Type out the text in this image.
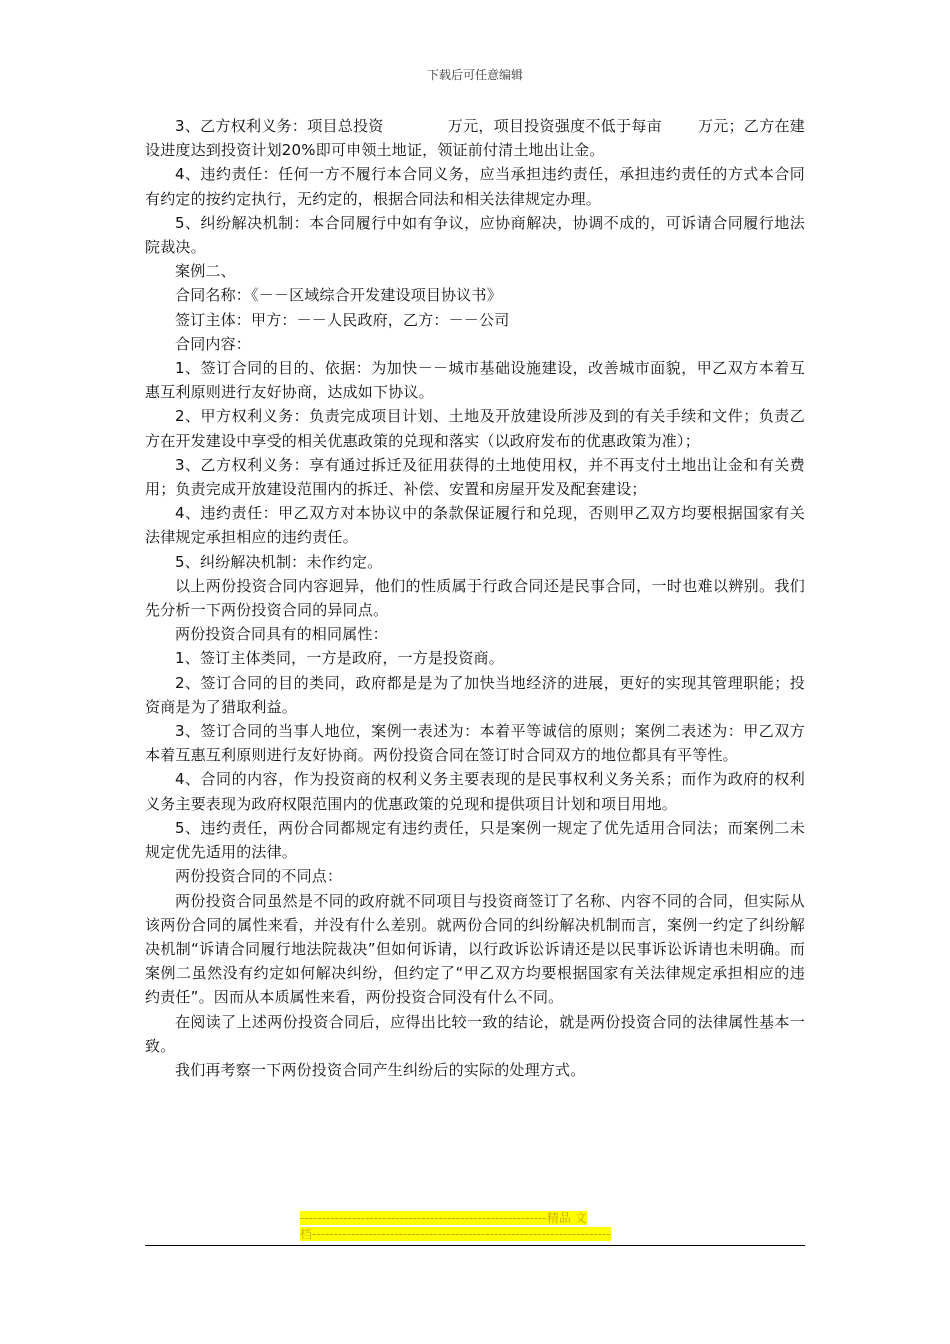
下载后可任意编辑

3、乙方权利义务：项目总投资	万元，项目投资强度不低于每亩 万元；乙方在建设进度达到投资计划20%即可申领土地证，领证前付清土地出让金。

4、违约责任：任何一方不履行本合同义务，应当承担违约责任，承担违约责任的方式本合同有约定的按约定执行，无约定的，根据合同法和相关法律规定办理。

5、纠纷解决机制：本合同履行中如有争议，应协商解决，协调不成的，可诉请合同履行地法院裁决。

案例二、

合同名称：《－－区域综合开发建设项目协议书》

签订主体：甲方：－－人民政府，乙方：－－公司

合同内容：

1、签订合同的目的、依据：为加快－－城市基础设施建设，改善城市面貌，甲乙双方本着互惠互利原则进行友好协商，达成如下协议。

2、甲方权利义务：负责完成项目计划、土地及开放建设所涉及到的有关手续和文件；负责乙方在开发建设中享受的相关优惠政策的兑现和落实（以政府发布的优惠政策为准）；

3、乙方权利义务：享有通过拆迁及征用获得的土地使用权，并不再支付土地出让金和有关费用；负责完成开放建设范围内的拆迁、补偿、安置和房屋开发及配套建设；

4、违约责任：甲乙双方对本协议中的条款保证履行和兑现，否则甲乙双方均要根据国家有关法律规定承担相应的违约责任。

5、纠纷解决机制：未作约定。

以上两份投资合同内容迥异，他们的性质属于行政合同还是民事合同，一时也难以辨别。我们先分析一下两份投资合同的异同点。

两份投资合同具有的相同属性：

1、签订主体类同，一方是政府，一方是投资商。

2、签订合同的目的类同，政府都是是为了加快当地经济的进展，更好的实现其管理职能；投资商是为了猎取利益。

3、签订合同的当事人地位，案例一表述为：本着平等诚信的原则；案例二表述为：甲乙双方本着互惠互利原则进行友好协商。两份投资合同在签订时合同双方的地位都具有平等性。

4、合同的内容，作为投资商的权利义务主要表现的是民事权利义务关系；而作为政府的权利义务主要表现为政府权限范围内的优惠政策的兑现和提供项目计划和项目用地。

5、违约责任，两份合同都规定有违约责任，只是案例一规定了优先适用合同法；而案例二未规定优先适用的法律。

两份投资合同的不同点：

两份投资合同虽然是不同的政府就不同项目与投资商签订了名称、内容不同的合同，但实际从该两份合同的属性来看，并没有什么差别。就两份合同的纠纷解决机制而言，案例一约定了纠纷解决机制“诉请合同履行地法院裁决”但如何诉请，以行政诉讼诉请还是以民事诉讼诉请也未明确。而案例二虽然没有约定如何解决纠纷，但约定了“甲乙双方均要根据国家有关法律规定承担相应的违约责任”。因而从本质属性来看，两份投资合同没有什么不同。

在阅读了上述两份投资合同后，应得出比较一致的结论，就是两份投资合同的法律属性基本一致。

我们再考察一下两份投资合同产生纠纷后的实际的处理方式。

---------------------------------------------------------精品 文
档---------------------------------------------------------------------
